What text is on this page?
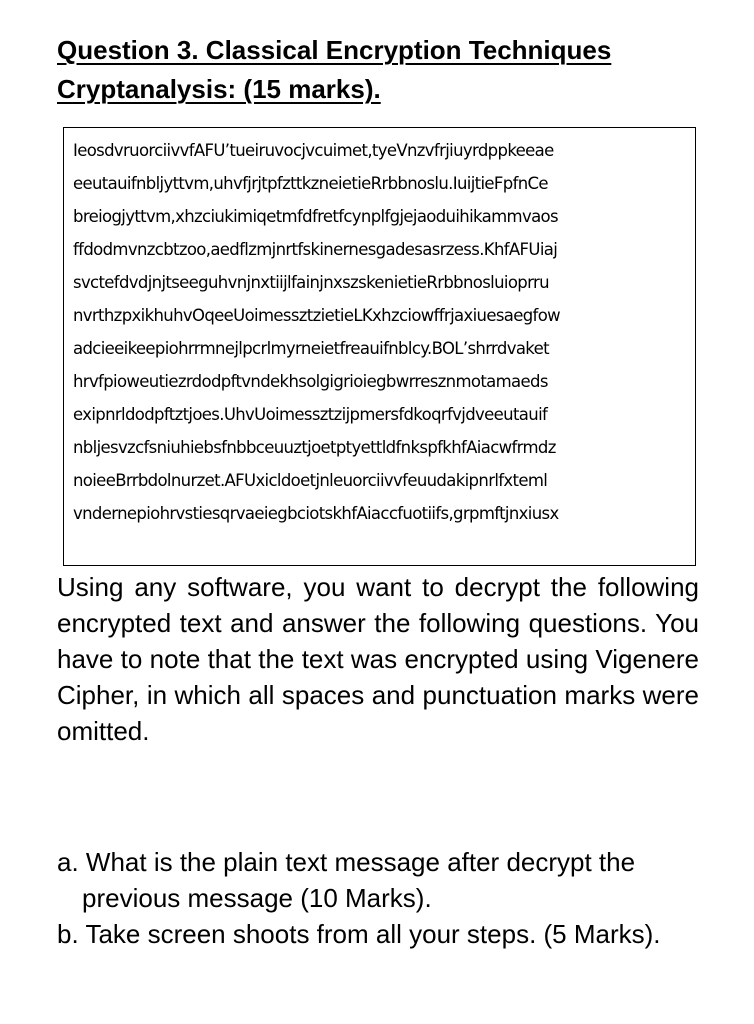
Question 3. Classical Encryption Techniques
Cryptanalysis: (15 marks).
IeosdvruorciivvfAFU’tueiruvocjvcuimet,tyeVnzvfrjiuyrdppkeeae
eeutauifnbljyttvm,uhvfjrjtpfzttkzneietieRrbbnoslu.IuijtieFpfnCe
breiogjyttvm,xhzciukimiqetmfdfretfcynplfgjejaoduihikammvaos
ffdodmvnzcbtzoo,aedflzmjnrtfskinernesgadesasrzess.KhfAFUiaj
svctefdvdjnjtseeguhvnjnxtiijlfainjnxszskenietieRrbbnosluioprru
nvrthzpxikhuhvOqeeUoimessztzietieLKxhzciowffrjaxiuesaegfow
adcieeikeepiohrrmnejlpcrlmyrneietfreauifnblcy.BOL’shrrdvaket
hrvfpioweutiezrdodpftvndekhsolgigrioiegbwrresznmotamaeds
exipnrldodpftztjoes.UhvUoimessztzijpmersfdkoqrfvjdveeutauif
nbljesvzcfsniuhiebsfnbbceuuztjoetptyettldfnkspfkhfAiacwfrmdz
noieeBrrbdolnurzet.AFUxicldoetjnleuorciivvfeuudakipnrlfxteml
vndernepiohrvstiesqrvaeiegbciotskhfAiaccfuotiifs,grpmftjnxiusx

Using any software, you want to decrypt the following encrypted text and answer the following questions. You have to note that the text was encrypted using Vigenere Cipher, in which all spaces and punctuation marks were omitted.

a. What is the plain text message after decrypt the previous message (10 Marks).

b. Take screen shoots from all your steps. (5 Marks).
